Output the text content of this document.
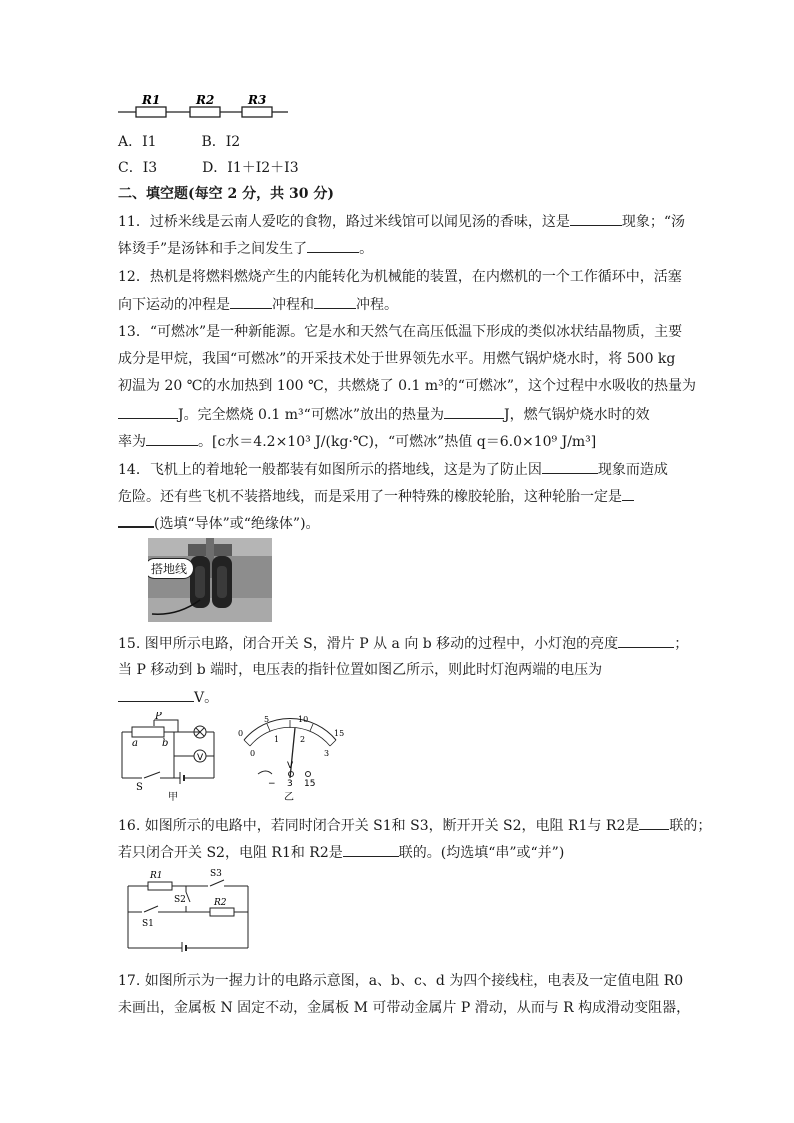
R1	R2	R3
A．I1	B．I2
C．I3	D．I1＋I2＋I3
二、填空题(每空 2 分，共 30 分)
11．过桥米线是云南人爱吃的食物，路过米线馆可以闻见汤的香味，这是	现象；“汤
钵烫手”是汤钵和手之间发生了	。
12．热机是将燃料燃烧产生的内能转化为机械能的装置，在内燃机的一个工作循环中，活塞
向下运动的冲程是	冲程和	冲程。
13．“可燃冰”是一种新能源。它是水和天然气在高压低温下形成的类似冰状结晶物质，主要
成分是甲烷，我国“可燃冰”的开采技术处于世界领先水平。用燃气锅炉烧水时，将 500 kg
初温为 20 ℃的水加热到 100 ℃，共燃烧了 0.1 m³的“可燃冰”，这个过程中水吸收的热量为
J。完全燃烧 0.1 m³“可燃冰”放出的热量为	J，燃气锅炉烧水时的效
率为	。[c水＝4.2×10³ J/(kg·℃)，“可燃冰”热值 q＝6.0×10⁹ J/m³]
14．飞机上的着地轮一般都装有如图所示的搭地线，这是为了防止因	现象而造成
危险。还有些飞机不装搭地线，而是采用了一种特殊的橡胶轮胎，这种轮胎一定是
(选填“导体”或“绝缘体”)。
搭地线
15. 图甲所示电路，闭合开关 S，滑片 P 从 a 向 b 移动的过程中，小灯泡的亮度	；
当 P 移动到 b 端时，电压表的指针位置如图乙所示，则此时灯泡两端的电压为
V。
P
a b
V
S
甲
0
5	10
15
0
1	2
3
V
− 3 15
乙
16. 如图所示的电路中，若同时闭合开关 S1和 S3，断开开关 S2，电阻 R1与 R2是 联的；
若只闭合开关 S2，电阻 R1和 R2是	联的。(均选填“串”或“并”)
R1
R2
S3
S2
S1
17. 如图所示为一握力计的电路示意图，a、b、c、d 为四个接线柱，电表及一定值电阻 R0
未画出，金属板 N 固定不动，金属板 M 可带动金属片 P 滑动，从而与 R 构成滑动变阻器，
